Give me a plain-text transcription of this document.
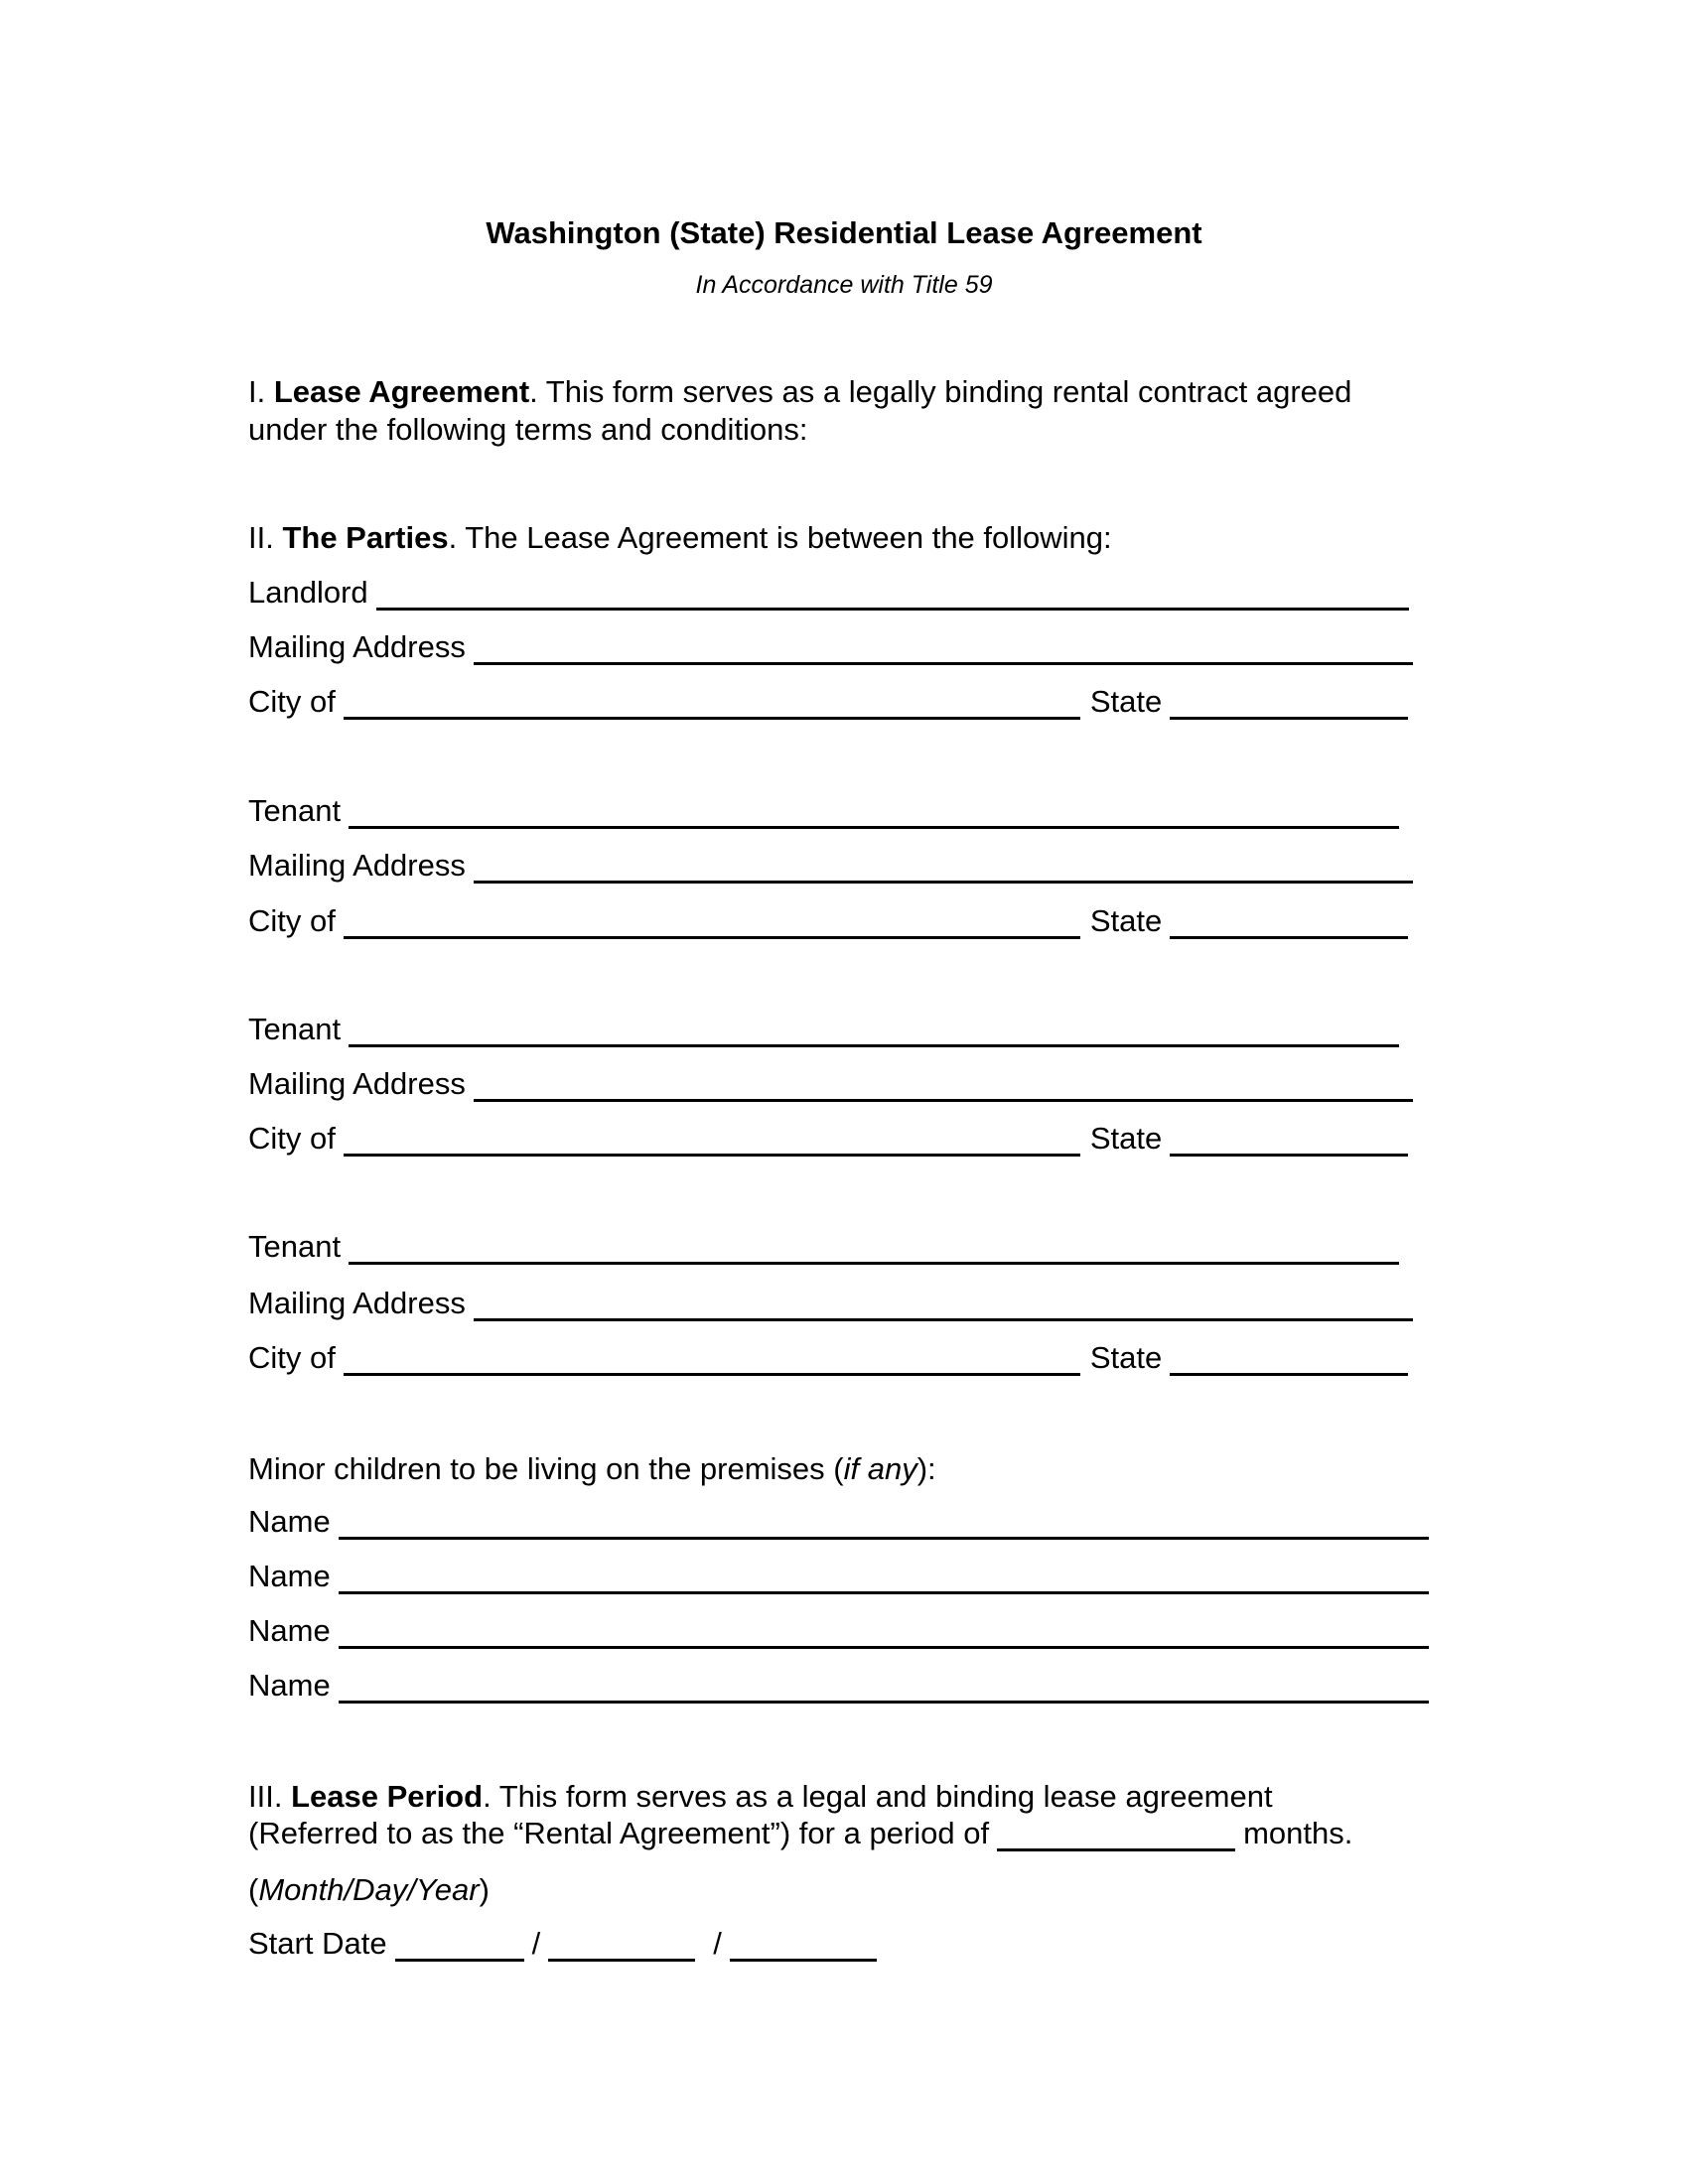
Washington (State) Residential Lease Agreement
In Accordance with Title 59
I. Lease Agreement. This form serves as a legally binding rental contract agreed
under the following terms and conditions:
II. The Parties. The Lease Agreement is between the following:
Landlord
Mailing Address
City of	State
Tenant
Mailing Address
City of	State
Tenant
Mailing Address
City of	State
Tenant
Mailing Address
City of	State
Minor children to be living on the premises (if any):
Name
Name
Name
Name
III. Lease Period. This form serves as a legal and binding lease agreement
(Referred to as the “Rental Agreement”) for a period of	months.
(Month/Day/Year)
Start Date	/	/
